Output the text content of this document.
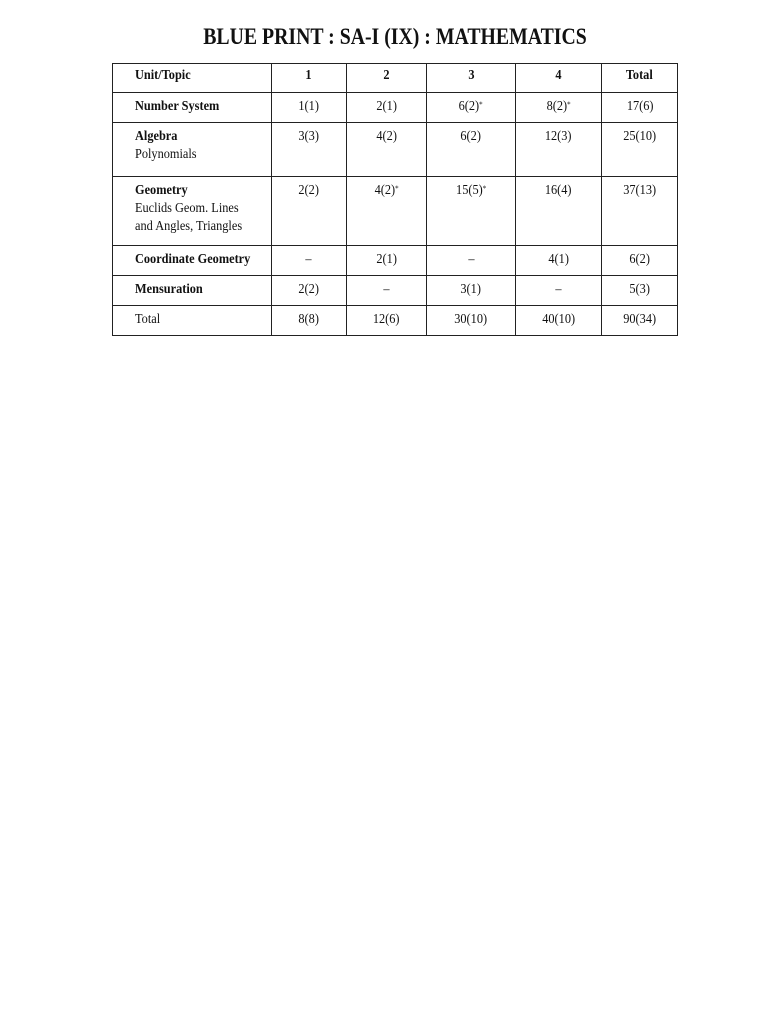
BLUE PRINT : SA-I (IX) : MATHEMATICS
Unit/Topic	1	2	3	4	Total

Number System	1(1)	2(1)	6(2)*	8(2)*	17(6)

Algebra
Polynomials	3(3)	4(2)	6(2)	12(3)	25(10)

Geometry
Euclids Geom. Lines
and Angles, Triangles	2(2)	4(2)*	15(5)*	16(4)	37(13)

Coordinate Geometry	–	2(1)	–	4(1)	6(2)

Mensuration	2(2)	–	3(1)	–	5(3)

Total	8(8)	12(6)	30(10)	40(10)	90(34)
